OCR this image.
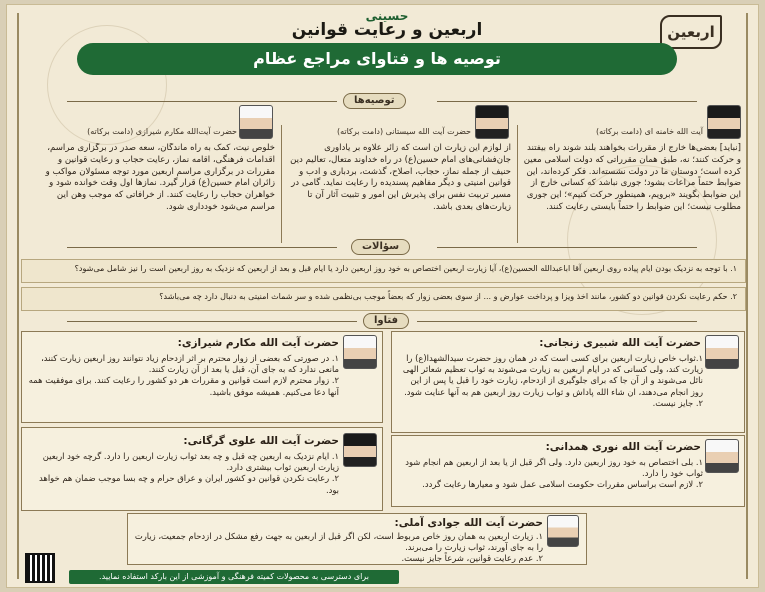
حسینی
اربعین و رعایت قوانین	اربعین
توصیه ها و فتاوای مراجع عظام
توصیه‌ها
آیت الله خامنه ای (دامت برکاته)
[نباید] بعضی‌ها خارج از مقررات بخواهند بلند شوند راه بیفتند و حرکت کنند؛ نه، طبق همان مقرراتی که دولت اسلامی معین کرده است؛ دوستان ما در دولت نشسته‌اند. فکر کرده‌اند، این ضوابط حتماً مراعات بشود؛ جوری نباشد که کسانی خارج از این ضوابط بگویند «برویم، همینطور حرکت کنیم»؛ این جوری مطلوب نیست؛ این ضوابط را حتماً بایستی رعایت کنند.
حضرت آیت الله سیستانی (دامت برکاته)
از لوازم این زیارت آن است که زائر علاوه بر یادآوری جان‌فشانی‌های امام حسین(ع) در راه خداوند متعال، تعالیم دین حنیف از جمله نماز، حجاب، اصلاح، گذشت، بردباری و ادب و قوانین امنیتی و دیگر مفاهیم پسندیده را رعایت نماید. گامی در مسیر تربیت نفس برای پذیرش این امور و تثبیت آثار آن تا زیارت‌های بعدی باشد.
حضرت آیت‌الله مکارم شیرازی (دامت برکاته)
خلوص نیت، کمک به راه ماندگان، سعه صدر در برگزاری مراسم، اقدامات فرهنگی، اقامه نماز، رعایت حجاب و رعایت قوانین و مقررات در برگزاری مراسم اربعین مورد توجه مسئولان مواکب و زائران امام حسین(ع) قرار گیرد. نمازها اول وقت خوانده شود و خواهران حجاب را رعایت کنند. از خرافاتی که موجب وهن این مراسم می‌شود خودداری شود.
سؤالات
۱. با توجه به نزدیک بودن ایام پیاده روی اربعین آقا اباعبدالله الحسین(ع)، آیا زیارت اربعین اختصاص به خود روز اربعین دارد یا ایام قبل و بعد از اربعین که نزدیک به روز اربعین است را نیز شامل می‌شود؟
۲. حکم رعایت نکردن قوانین دو کشور، مانند اخذ ویزا و پرداخت عوارض و ... از سوی بعضی زوار که بعضاً موجب بی‌نظمی شده و سر شماث امنیتی به دنبال دارد چه می‌باشد؟
فتاوا
حضرت آیت الله شبیری زنجانی:
۱.ثواب خاص زیارت اربعین برای کسی است که در همان روز حضرت سیدالشهدا(ع) را زیارت کند، ولی کسانی که در ایام اربعین به زیارت می‌شوند به ثواب تعظیم شعائر الهی نائل می‌شوند و از آن جا که برای جلوگیری از ازدحام، زیارت خود را قبل یا پس از این روز انجام می‌دهند، ان شاء الله پاداش و ثواب زیارت روز اربعین هم به آنها عنایت شود.
۲. جایز نیست.
حضرت آیت الله نوری همدانی:
۱. بلی اختصاص به خود روز اربعین دارد. ولی اگر قبل از یا بعد از اربعین هم انجام شود ثواب خود را دارد.
۲. لازم است براساس مقررات حکومت اسلامی عمل شود و معیارها رعایت گردد.
حضرت آیت الله مکارم شیرازی:
۱. در صورتی که بعضی از زوار محترم بر اثر ازدحام زیاد نتوانند روز اربعین زیارت کنند، مانعی ندارد که به جای آن، قبل یا بعد از آن زیارت کنند.
۲. زوار محترم لازم است قوانین و مقررات هر دو کشور را رعایت کنند. برای موفقیت همه آنها دعا می‌کنیم. همیشه موفق باشید.
حضرت آیت الله علوی گرگانی:
۱. ایام نزدیک به اربعین چه قبل و چه بعد ثواب زیارت اربعین را دارد. گرچه خود اربعین زیارت اربعین ثواب بیشتری دارد.
۲. رعایت نکردن قوانین دو کشور ایران و عراق حرام و چه بسا موجب ضمان هم خواهد بود.
حضرت آیت الله جوادی آملی:
۱. زیارت اربعین به همان روز خاص مربوط است، لکن اگر قبل از اربعین به جهت رفع مشکل در ازدحام جمعیت، زیارت را به جای آورند، ثواب زیارت را می‌برند.
۲. عدم رعایت قوانین، شرعاً جایز نیست.
برای دسترسی به محصولات کمیته فرهنگی و آموزشی از این بارکد استفاده نمایید.
